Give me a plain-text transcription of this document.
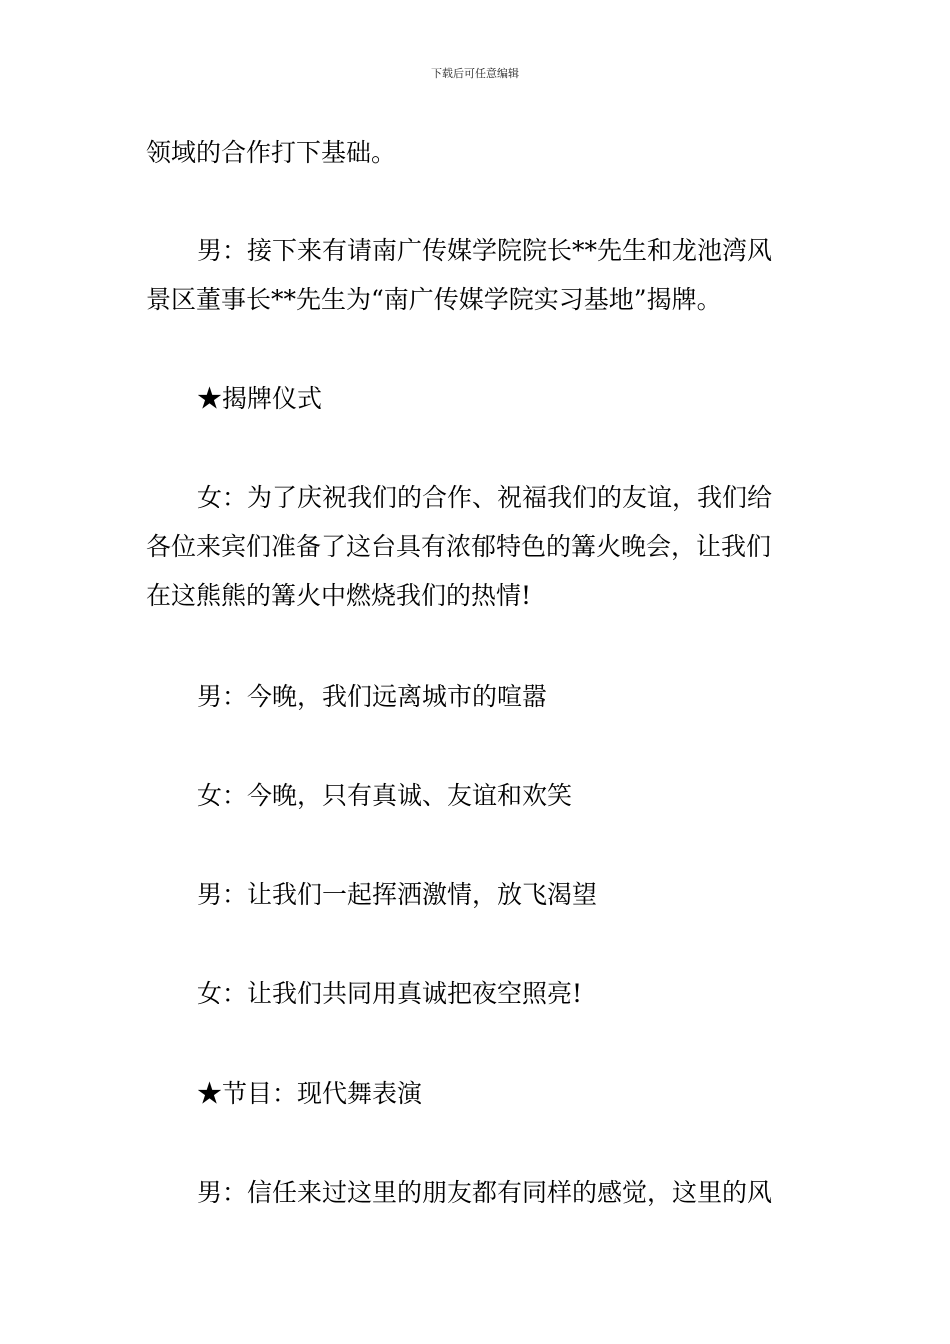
下载后可任意编辑

领域的合作打下基础。

男：接下来有请南广传媒学院院长**先生和龙池湾风
景区董事长**先生为“南广传媒学院实习基地”揭牌。

★揭牌仪式

女：为了庆祝我们的合作、祝福我们的友谊，我们给
各位来宾们准备了这台具有浓郁特色的篝火晚会，让我们
在这熊熊的篝火中燃烧我们的热情!

男：今晚，我们远离城市的喧嚣

女：今晚，只有真诚、友谊和欢笑

男：让我们一起挥洒激情，放飞渴望

女：让我们共同用真诚把夜空照亮!

★节目：现代舞表演

男：信任来过这里的朋友都有同样的感觉，这里的风
